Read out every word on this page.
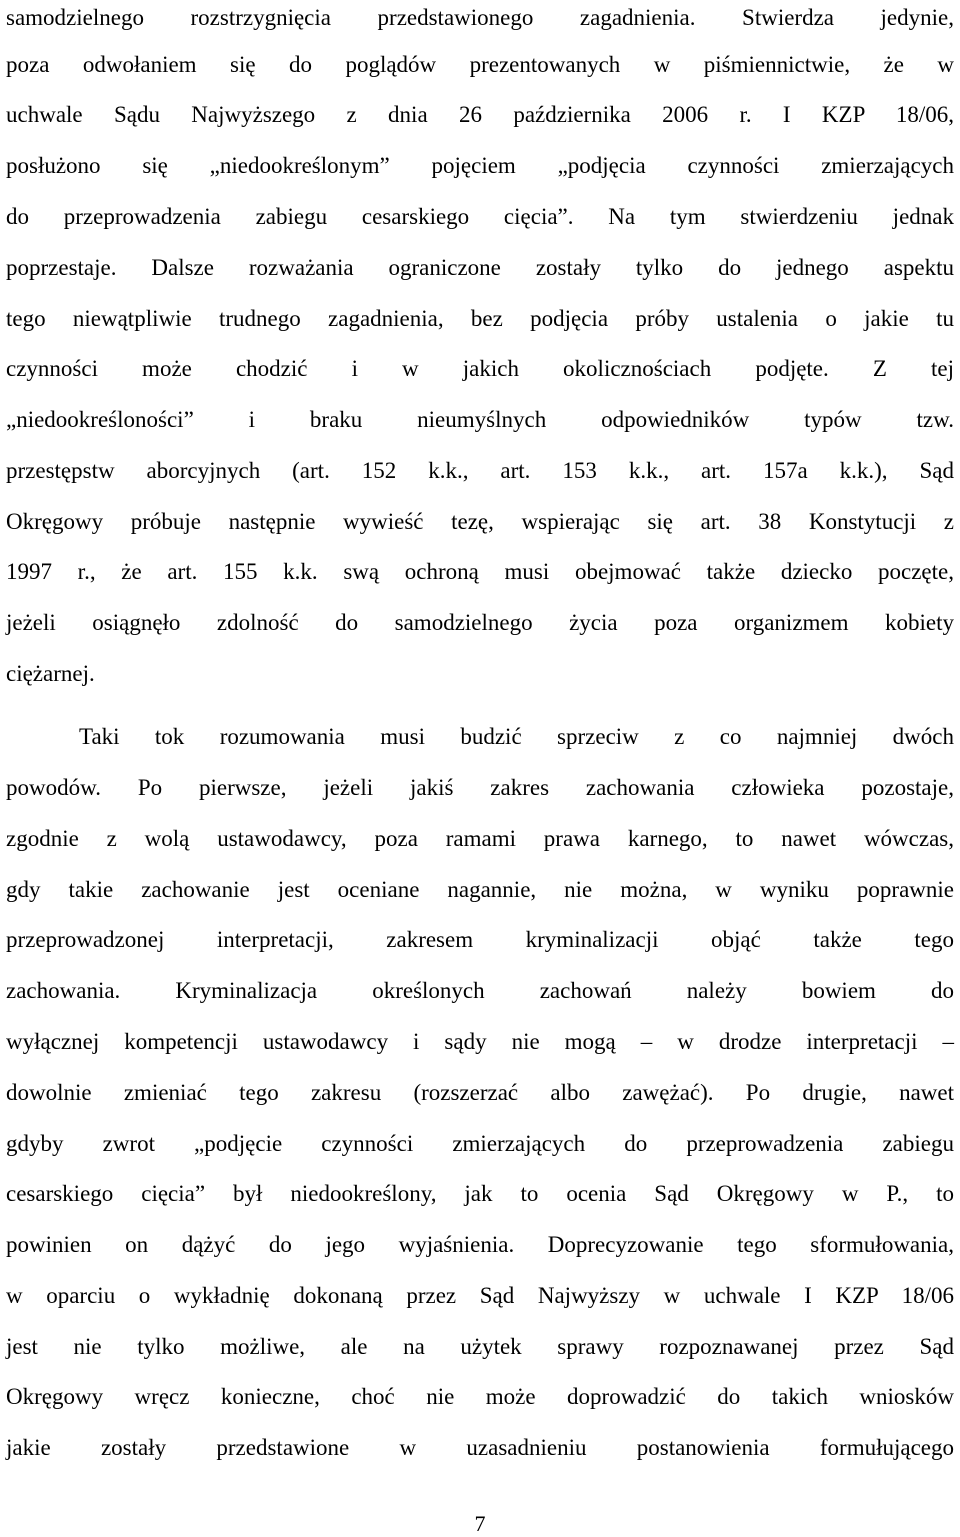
samodzielnego rozstrzygnięcia przedstawionego zagadnienia. Stwierdza jedynie,
poza odwołaniem się do poglądów prezentowanych w piśmiennictwie, że w
uchwale Sądu Najwyższego z dnia 26 października 2006 r. I KZP 18/06,
posłużono się „niedookreślonym” pojęciem „podjęcia czynności zmierzających
do przeprowadzenia zabiegu cesarskiego cięcia”. Na tym stwierdzeniu jednak
poprzestaje. Dalsze rozważania ograniczone zostały tylko do jednego aspektu
tego niewątpliwie trudnego zagadnienia, bez podjęcia próby ustalenia o jakie tu
czynności może chodzić i w jakich okolicznościach podjęte. Z tej
„niedookreśloności” i braku nieumyślnych odpowiedników typów tzw.
przestępstw aborcyjnych (art. 152 k.k., art. 153 k.k., art. 157a k.k.), Sąd
Okręgowy próbuje następnie wywieść tezę, wspierając się art. 38 Konstytucji z
1997 r., że art. 155 k.k. swą ochroną musi obejmować także dziecko poczęte,
jeżeli osiągnęło zdolność do samodzielnego życia poza organizmem kobiety
ciężarnej.
Taki tok rozumowania musi budzić sprzeciw z co najmniej dwóch
powodów. Po pierwsze, jeżeli jakiś zakres zachowania człowieka pozostaje,
zgodnie z wolą ustawodawcy, poza ramami prawa karnego, to nawet wówczas,
gdy takie zachowanie jest oceniane nagannie, nie można, w wyniku poprawnie
przeprowadzonej interpretacji, zakresem kryminalizacji objąć także tego
zachowania. Kryminalizacja określonych zachowań należy bowiem do
wyłącznej kompetencji ustawodawcy i sądy nie mogą – w drodze interpretacji –
dowolnie zmieniać tego zakresu (rozszerzać albo zawężać). Po drugie, nawet
gdyby zwrot „podjęcie czynności zmierzających do przeprowadzenia zabiegu
cesarskiego cięcia” był niedookreślony, jak to ocenia Sąd Okręgowy w P., to
powinien on dążyć do jego wyjaśnienia. Doprecyzowanie tego sformułowania,
w oparciu o wykładnię dokonaną przez Sąd Najwyższy w uchwale I KZP 18/06
jest nie tylko możliwe, ale na użytek sprawy rozpoznawanej przez Sąd
Okręgowy wręcz konieczne, choć nie może doprowadzić do takich wniosków
jakie zostały przedstawione w uzasadnieniu postanowienia formułującego
7
